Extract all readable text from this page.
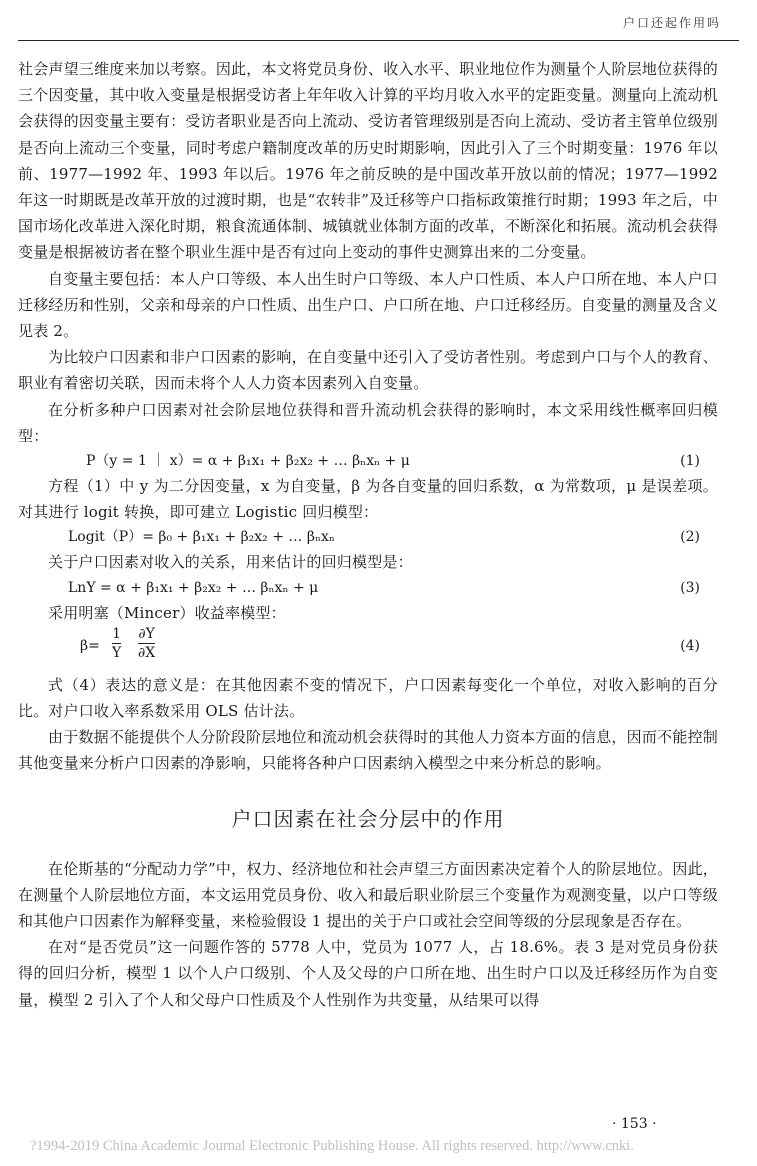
户口还起作用吗

社会声望三维度来加以考察。因此，本文将党员身份、收入水平、职业地位作为测量个人阶层地位获得的三个因变量，其中收入变量是根据受访者上年年收入计算的平均月收入水平的定距变量。测量向上流动机会获得的因变量主要有：受访者职业是否向上流动、受访者管理级别是否向上流动、受访者主管单位级别是否向上流动三个变量，同时考虑户籍制度改革的历史时期影响，因此引入了三个时期变量：1976 年以前、1977—1992 年、1993 年以后。1976 年之前反映的是中国改革开放以前的情况；1977—1992 年这一时期既是改革开放的过渡时期，也是“农转非”及迁移等户口指标政策推行时期；1993 年之后，中国市场化改革进入深化时期，粮食流通体制、城镇就业体制方面的改革，不断深化和拓展。流动机会获得变量是根据被访者在整个职业生涯中是否有过向上变动的事件史测算出来的二分变量。

自变量主要包括：本人户口等级、本人出生时户口等级、本人户口性质、本人户口所在地、本人户口迁移经历和性别，父亲和母亲的户口性质、出生户口、户口所在地、户口迁移经历。自变量的测量及含义见表 2。

为比较户口因素和非户口因素的影响，在自变量中还引入了受访者性别。考虑到户口与个人的教育、职业有着密切关联，因而未将个人人力资本因素列入自变量。

在分析多种户口因素对社会阶层地位获得和晋升流动机会获得的影响时，本文采用线性概率回归模型：

P（y = 1 ｜ x）= α + β₁x₁ + β₂x₂ + … βₙxₙ + μ	(1)

方程（1）中 y 为二分因变量，x 为自变量，β 为各自变量的回归系数，α 为常数项，μ 是误差项。对其进行 logit 转换，即可建立 Logistic 回归模型：

Logit（P）= β₀ + β₁x₁ + β₂x₂ + … βₙxₙ	(2)

关于户口因素对收入的关系，用来估计的回归模型是：

LnY = α + β₁x₁ + β₂x₂ + … βₙxₙ + μ	(3)

采用明塞（Mincer）收益率模型：

β=
1
Y
∂Y
∂X	(4)

式（4）表达的意义是：在其他因素不变的情况下，户口因素每变化一个单位，对收入影响的百分比。对户口收入率系数采用 OLS 估计法。

由于数据不能提供个人分阶段阶层地位和流动机会获得时的其他人力资本方面的信息，因而不能控制其他变量来分析户口因素的净影响，只能将各种户口因素纳入模型之中来分析总的影响。

户口因素在社会分层中的作用

在伦斯基的“分配动力学”中，权力、经济地位和社会声望三方面因素决定着个人的阶层地位。因此，在测量个人阶层地位方面，本文运用党员身份、收入和最后职业阶层三个变量作为观测变量，以户口等级和其他户口因素作为解释变量，来检验假设 1 提出的关于户口或社会空间等级的分层现象是否存在。

在对“是否党员”这一问题作答的 5778 人中，党员为 1077 人，占 18.6%。表 3 是对党员身份获得的回归分析，模型 1 以个人户口级别、个人及父母的户口所在地、出生时户口以及迁移经历作为自变量，模型 2 引入了个人和父母户口性质及个人性别作为共变量，从结果可以得

· 153 ·
?1994-2019 China Academic Journal Electronic Publishing House. All rights reserved. http://www.cnki.
